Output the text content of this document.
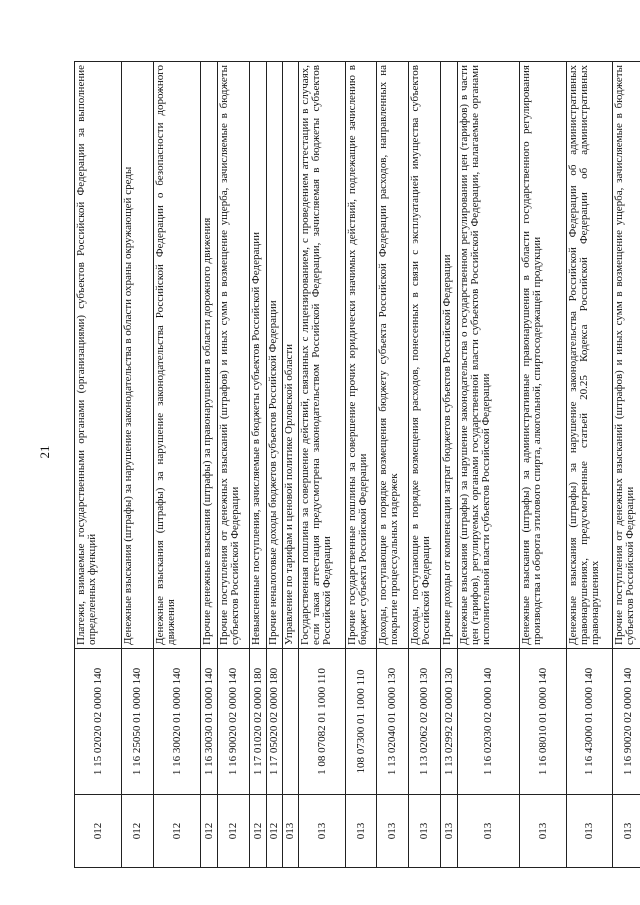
21
012	1 15 02020 02 0000 140	Платежи, взимаемые государственными органами (организациями) субъектов Российской Федерации за выполнение определенных функций
012	1 16 25050 01 0000 140	Денежные взыскания (штрафы) за нарушение законодательства в области охраны окружающей среды
012	1 16 30020 01 0000 140	Денежные взыскания (штрафы) за нарушение законодательства Российской Федерации о безопасности дорожного движения
012	1 16 30030 01 0000 140	Прочие денежные взыскания (штрафы) за правонарушения в области дорожного движения
012	1 16 90020 02 0000 140	Прочие поступления от денежных взысканий (штрафов) и иных сумм в возмещение ущерба, зачисляемые в бюджеты субъектов Российской Федерации
012	1 17 01020 02 0000 180	Невыясненные поступления, зачисляемые в бюджеты субъектов Российской Федерации
012	1 17 05020 02 0000 180	Прочие неналоговые доходы бюджетов субъектов Российской Федерации
013		Управление по тарифам и ценовой политике Орловской области
013	1 08 07082 01 1000 110	Государственная пошлина за совершение действий, связанных с лицензированием, с проведением аттестации в случаях, если такая аттестация предусмотрена законодательством Российской Федерации, зачисляемая в бюджеты субъектов Российской Федерации
013	108 07300 01 1000 110	Прочие государственные пошлины за совершение прочих юридически значимых действий, подлежащие зачислению в бюджет субъекта Российской Федерации
013	1 13 02040 01 0000 130	Доходы, поступающие в порядке возмещения бюджету субъекта Российской Федерации расходов, направленных на покрытие процессуальных издержек
013	1 13 02062 02 0000 130	Доходы, поступающие в порядке возмещения расходов, понесенных в связи с эксплуатацией имущества субъектов Российской Федерации
013	1 13 02992 02 0000 130	Прочие доходы от компенсации затрат бюджетов субъектов Российской Федерации
013	1 16 02030 02 0000 140	Денежные взыскания (штрафы) за нарушение законодательства о государственном регулировании цен (тарифов) в части цен (тарифов), регулируемых органами государственной власти субъектов Российской Федерации, налагаемые органами исполнительной власти субъектов Российской Федерации
013	1 16 08010 01 0000 140	Денежные взыскания (штрафы) за административные правонарушения в области государственного регулирования производства и оборота этилового спирта, алкогольной, спиртосодержащей продукции
013	1 16 43000 01 0000 140	Денежные взыскания (штрафы) за нарушение законодательства Российской Федерации об административных правонарушениях, предусмотренные статьей 20.25 Кодекса Российской Федерации об административных правонарушениях
013	1 16 90020 02 0000 140	Прочие поступления от денежных взысканий (штрафов) и иных сумм в возмещение ущерба, зачисляемые в бюджеты субъектов Российской Федерации
